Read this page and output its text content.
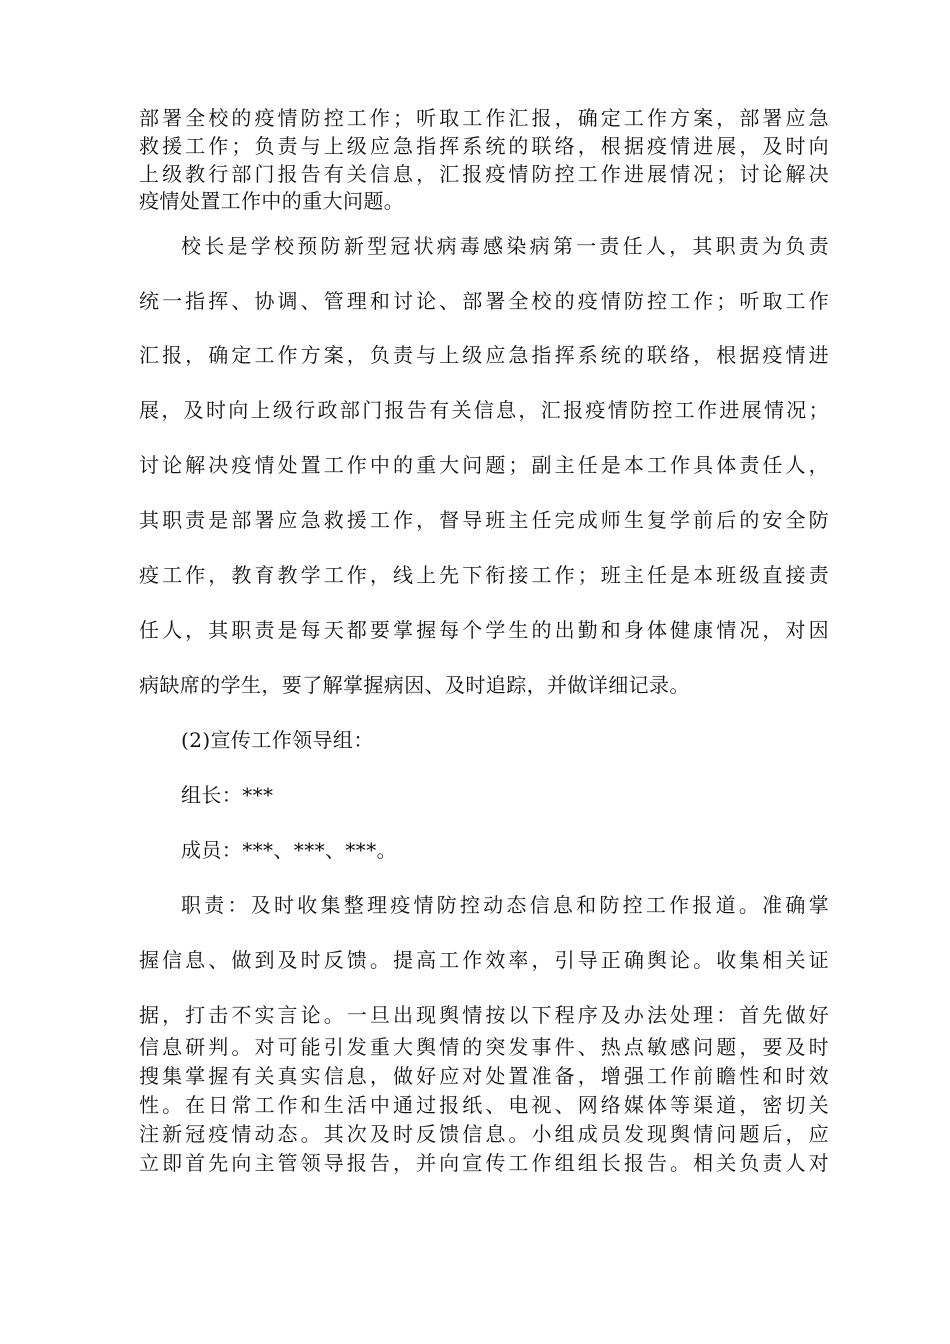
部署全校的疫情防控工作；听取工作汇报，确定工作方案，部署应急
救援工作；负责与上级应急指挥系统的联络，根据疫情进展，及时向
上级教行部门报告有关信息，汇报疫情防控工作进展情况；讨论解决
疫情处置工作中的重大问题。
校长是学校预防新型冠状病毒感染病第一责任人，其职责为负责
统一指挥、协调、管理和讨论、部署全校的疫情防控工作；听取工作
汇报，确定工作方案，负责与上级应急指挥系统的联络，根据疫情进
展，及时向上级行政部门报告有关信息，汇报疫情防控工作进展情况；
讨论解决疫情处置工作中的重大问题；副主任是本工作具体责任人，
其职责是部署应急救援工作，督导班主任完成师生复学前后的安全防
疫工作，教育教学工作，线上先下衔接工作；班主任是本班级直接责
任人，其职责是每天都要掌握每个学生的出勤和身体健康情况，对因
病缺席的学生，要了解掌握病因、及时追踪，并做详细记录。
(2)宣传工作领导组：
组长：***
成员：***、***、***。
职责：及时收集整理疫情防控动态信息和防控工作报道。准确掌
握信息、做到及时反馈。提高工作效率，引导正确舆论。收集相关证
据，打击不实言论。一旦出现舆情按以下程序及办法处理：首先做好
信息研判。对可能引发重大舆情的突发事件、热点敏感问题，要及时
搜集掌握有关真实信息，做好应对处置准备，增强工作前瞻性和时效
性。在日常工作和生活中通过报纸、电视、网络媒体等渠道，密切关
注新冠疫情动态。其次及时反馈信息。小组成员发现舆情问题后，应
立即首先向主管领导报告，并向宣传工作组组长报告。相关负责人对
